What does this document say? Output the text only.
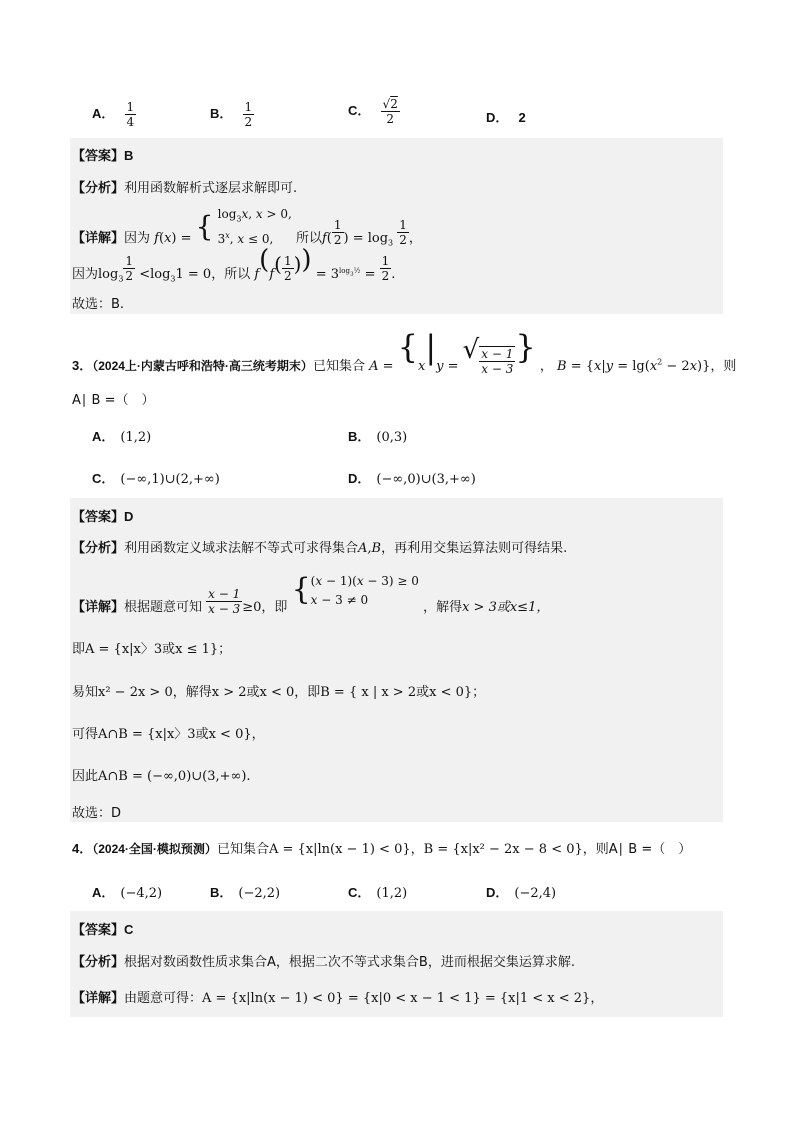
A． $\frac{1}{4}$	B． $\frac{1}{2}$	C． $\frac{√2}{2}$	D． 2
【答案】B
【分析】利用函数解析式逐层求解即可.
【详解】因为 f(x) = { $\log_3x$, x > 0,
3$^x$, x ≤ 0, 所以$f( \frac{1}{2}$ ) = $\log_3 \frac{1}{2}$ ，
因为$\log_3 \frac{1}{2} <\log_31 = 0$，所以 $f(f( \frac{1}{2}$ )) = $3^{log_3\frac{1}{2}} = \frac{1}{2}$ .
故选：B.
3．（2024上·内蒙古呼和浩特·高三统考期末）已知集合 A = {x|y = √ $\frac{x - 1}{x - 3}$ } ， $B = \{x|y = \lg(x^2 - 2x)\}$，则
A∣ B =（　）
A． (1,2)	B． (0,3)
C． (−∞,1)∪(2,+∞)	D． (−∞,0)∪(3,+∞)
【答案】D
【分析】利用函数定义域求法解不等式可求得集合A,B，再利用交集运算法则可得结果.
【详解】根据题意可知 $\frac{x - 1}{x - 3} \ge 0$，即 {(x − 1)(x − 3) ≥ 0
x − 3 ≠ 0	，解得x > 3或x≤1，
即A = {x|x〉3或x ≤ 1}；
易知x² − 2x > 0，解得x > 2或x < 0，即B = { x | x > 2或x < 0}；
可得A∩B = {x|x〉3或x < 0}，
因此A∩B = (−∞,0)∪(3,+∞).
故选：D
4．（2024·全国·模拟预测）已知集合A = {x|ln(x − 1) < 0}，B = {x|x² − 2x − 8 < 0}，则A∣ B =（　）
A． (−4,2)	B． (−2,2)	C． (1,2)	D． (−2,4)
【答案】C
【分析】根据对数函数性质求集合A，根据二次不等式求集合B，进而根据交集运算求解.
【详解】由题意可得：A = {x|ln(x − 1) < 0} = {x|0 < x − 1 < 1} = {x|1 < x < 2}，
